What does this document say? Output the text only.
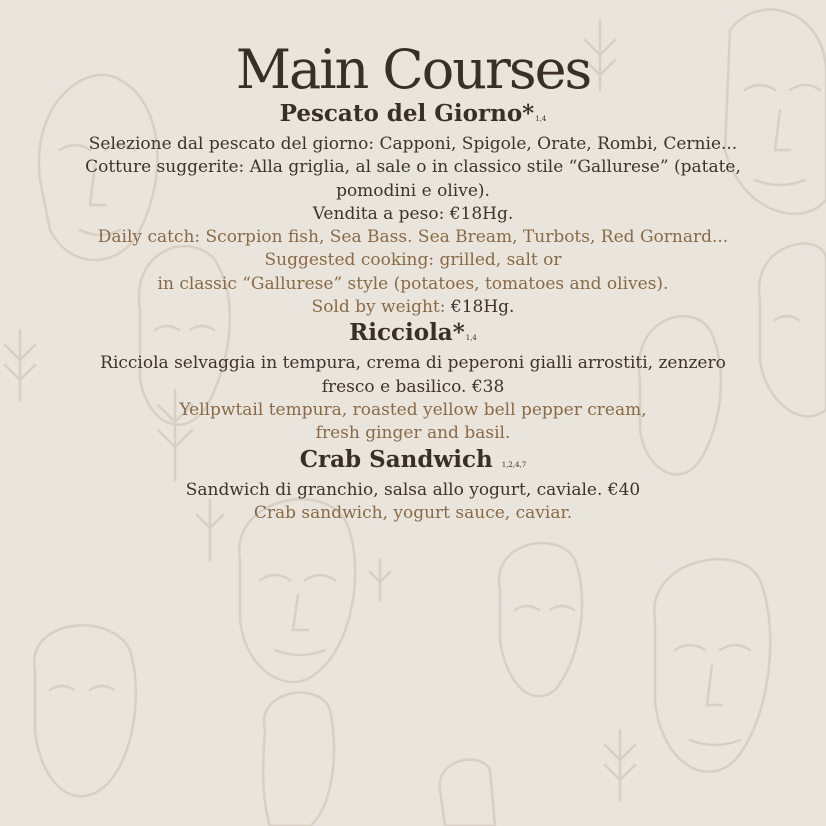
Main Courses
Pescato del Giorno*1,4

Selezione dal pescato del giorno: Capponi, Spigole, Orate, Rombi, Cernie...

Cotture suggerite: Alla griglia, al sale o in classico stile “Gallurese” (patate,

pomodini e olive).

Vendita a peso: €18Hg.

Daily catch: Scorpion fish, Sea Bass. Sea Bream, Turbots, Red Gornard...

Suggested cooking: grilled, salt or

in classic “Gallurese” style (potatoes, tomatoes and olives).

Sold by weight: €18Hg.

Ricciola*1,4

Ricciola selvaggia in tempura, crema di peperoni gialli arrostiti, zenzero

fresco e basilico. €38

Yellpwtail tempura, roasted yellow bell pepper cream,

fresh ginger and basil.

Crab Sandwich 1,2,4,7

Sandwich di granchio, salsa allo yogurt, caviale. €40

Crab sandwich, yogurt sauce, caviar.
